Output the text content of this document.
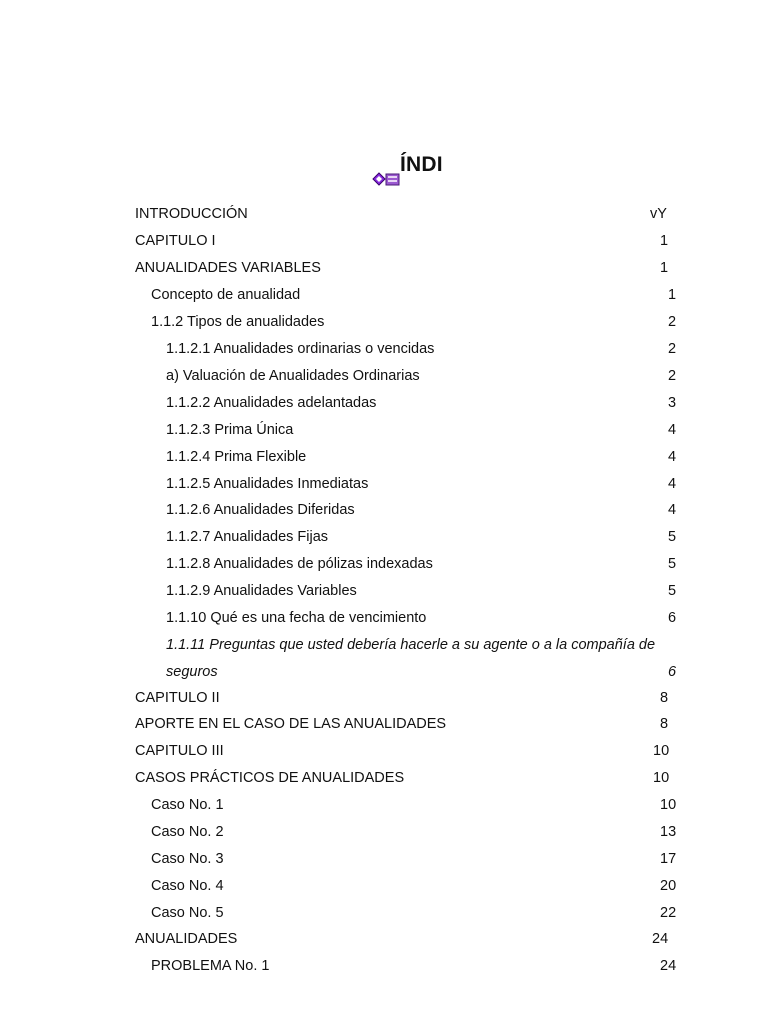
ÍNDI
INTRODUCCIÓN	vY
CAPITULO I	1
ANUALIDADES VARIABLES	1
Concepto de anualidad	1
1.1.2 Tipos de anualidades	2
1.1.2.1 Anualidades ordinarias o vencidas	2
a) Valuación de Anualidades Ordinarias	2
1.1.2.2 Anualidades adelantadas	3
1.1.2.3 Prima Única	4
1.1.2.4 Prima Flexible	4
1.1.2.5 Anualidades Inmediatas	4
1.1.2.6 Anualidades Diferidas	4
1.1.2.7 Anualidades Fijas	5
1.1.2.8 Anualidades de pólizas indexadas	5
1.1.2.9 Anualidades Variables	5
1.1.10 Qué es una fecha de vencimiento	6
1.1.11 Preguntas que usted debería hacerle a su agente o a la compañía de
seguros	6
CAPITULO II	8
APORTE EN EL CASO DE LAS ANUALIDADES	8
CAPITULO III	10
CASOS PRÁCTICOS DE ANUALIDADES	10
Caso No. 1	10
Caso No. 2	13
Caso No. 3	17
Caso No. 4	20
Caso No. 5	22
ANUALIDADES	24
PROBLEMA No. 1	24
